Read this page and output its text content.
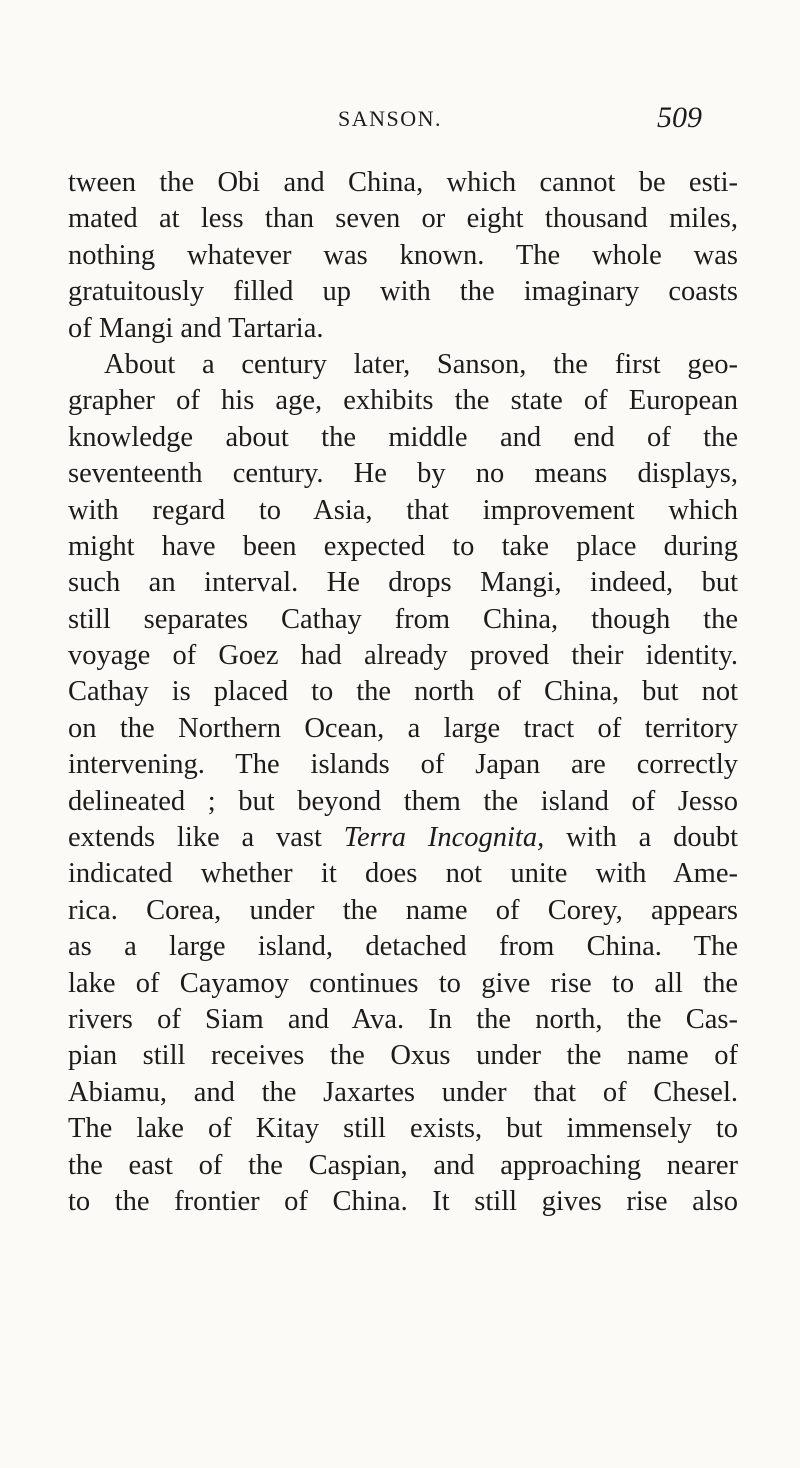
SANSON.	509
tween the Obi and China, which cannot be esti-
mated at less than seven or eight thousand miles,
nothing whatever was known. The whole was
gratuitously filled up with the imaginary coasts
of Mangi and Tartaria.
About a century later, Sanson, the first geo-
grapher of his age, exhibits the state of European
knowledge about the middle and end of the
seventeenth century. He by no means displays,
with regard to Asia, that improvement which
might have been expected to take place during
such an interval. He drops Mangi, indeed, but
still separates Cathay from China, though the
voyage of Goez had already proved their identity.
Cathay is placed to the north of China, but not
on the Northern Ocean, a large tract of territory
intervening. The islands of Japan are correctly
delineated ; but beyond them the island of Jesso
extends like a vast Terra Incognita, with a doubt
indicated whether it does not unite with Ame-
rica. Corea, under the name of Corey, appears
as a large island, detached from China. The
lake of Cayamoy continues to give rise to all the
rivers of Siam and Ava. In the north, the Cas-
pian still receives the Oxus under the name of
Abiamu, and the Jaxartes under that of Chesel.
The lake of Kitay still exists, but immensely to
the east of the Caspian, and approaching nearer
to the frontier of China. It still gives rise also
